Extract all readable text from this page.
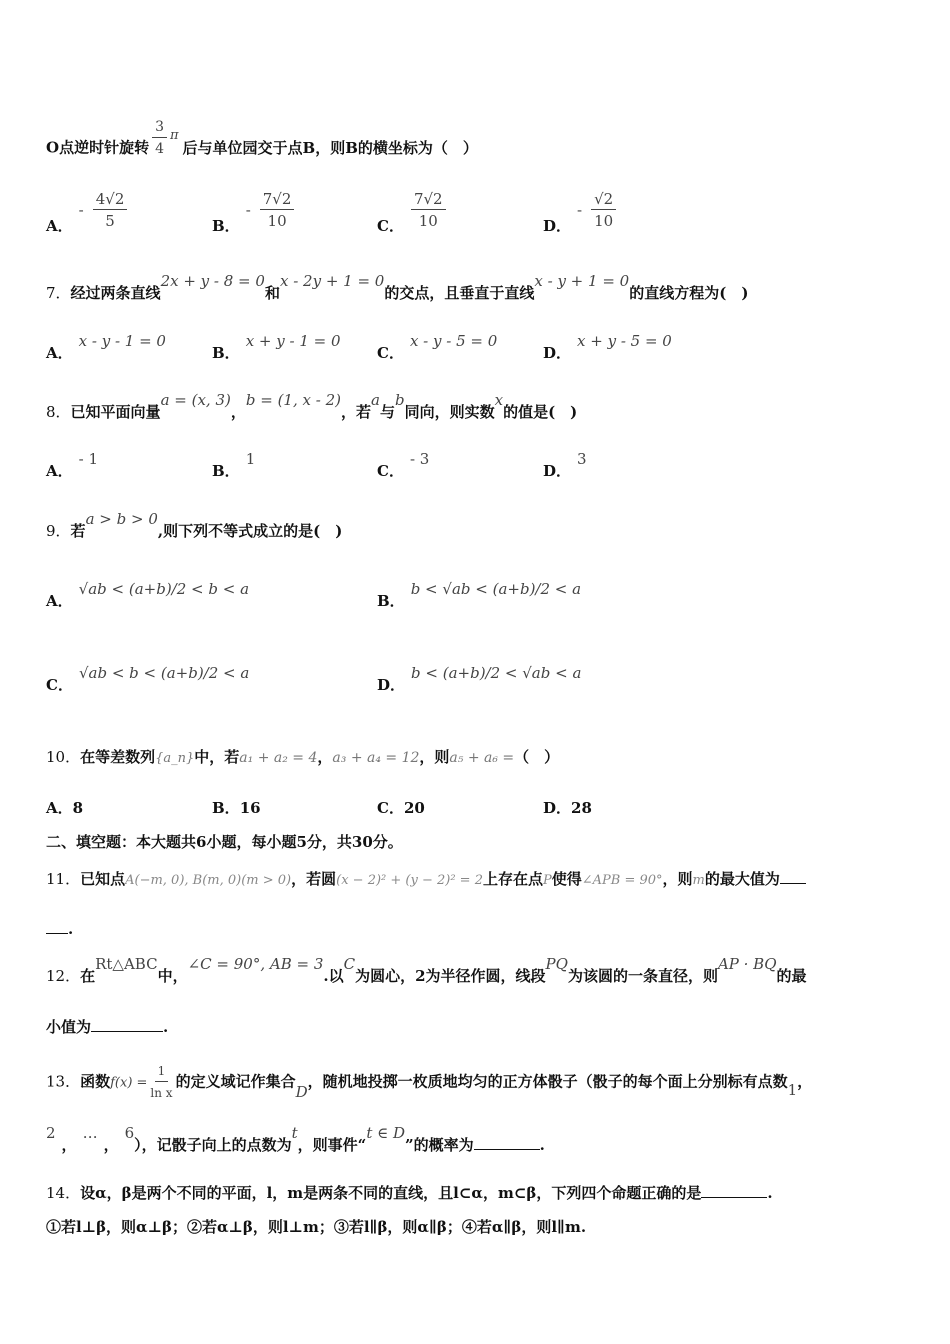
O点逆时针旋转 $\frac{3}{4}$ π后与单位园交于点B，则B的横坐标为（　）
A．- $\frac{4√2}{5}$	B．- $\frac{7√2}{10}$	C． $\frac{7√2}{10}$	D．- $\frac{√2}{10}$
7．经过两条直线2x + y - 8 = 0和x - 2y + 1 = 0的交点，且垂直于直线x - y + 1 = 0的直线方程为(　)
A．x - y - 1 = 0
B．x + y - 1 = 0
C．x - y - 5 = 0
D．x + y - 5 = 0
8．已知平面向量a = (x, 3)，b = (1, x - 2)，若a与b同向，则实数x的值是(　)
A．- 1
B．1
C．- 3
D．3
9．若a > b > 0,则下列不等式成立的是(　)
A．√ab < (a+b)/2 < b < a
B．b < √ab < (a+b)/2 < a
C．√ab < b < (a+b)/2 < a
D．b < (a+b)/2 < √ab < a
10．在等差数列{a_n}中，若a₁ + a₂ = 4，a₃ + a₄ = 12，则a₅ + a₆ =（　）
A．8	B．16	C．20	D．28
二、填空题：本大题共6小题，每小题5分，共30分。
11．已知点A(−m, 0), B(m, 0)(m > 0)，若圆(x − 2)² + (y − 2)² = 2上存在点P使得∠APB = 90°，则m的最大值为
.
12．在Rt△ABC中，∠C = 90°, AB = 3.以C为圆心，2为半径作圆，线段PQ为该圆的一条直径，则AP · BQ的最
小值为	.
13．函数$f(x) = \frac{1}{\text{ln x}}$ 的定义域记作集合D，随机地投掷一枚质地均匀的正方体骰子（骰子的每个面上分别标有点数1，
2，…，6），记骰子向上的点数为t，则事件“t ∈ D”的概率为	.
14．设α，β是两个不同的平面，l，m是两条不同的直线，且l⊂α，m⊂β，下列四个命题正确的是	.
①若l⊥β，则α⊥β；②若α⊥β，则l⊥m；③若l∥β，则α∥β；④若α∥β，则l∥m.
